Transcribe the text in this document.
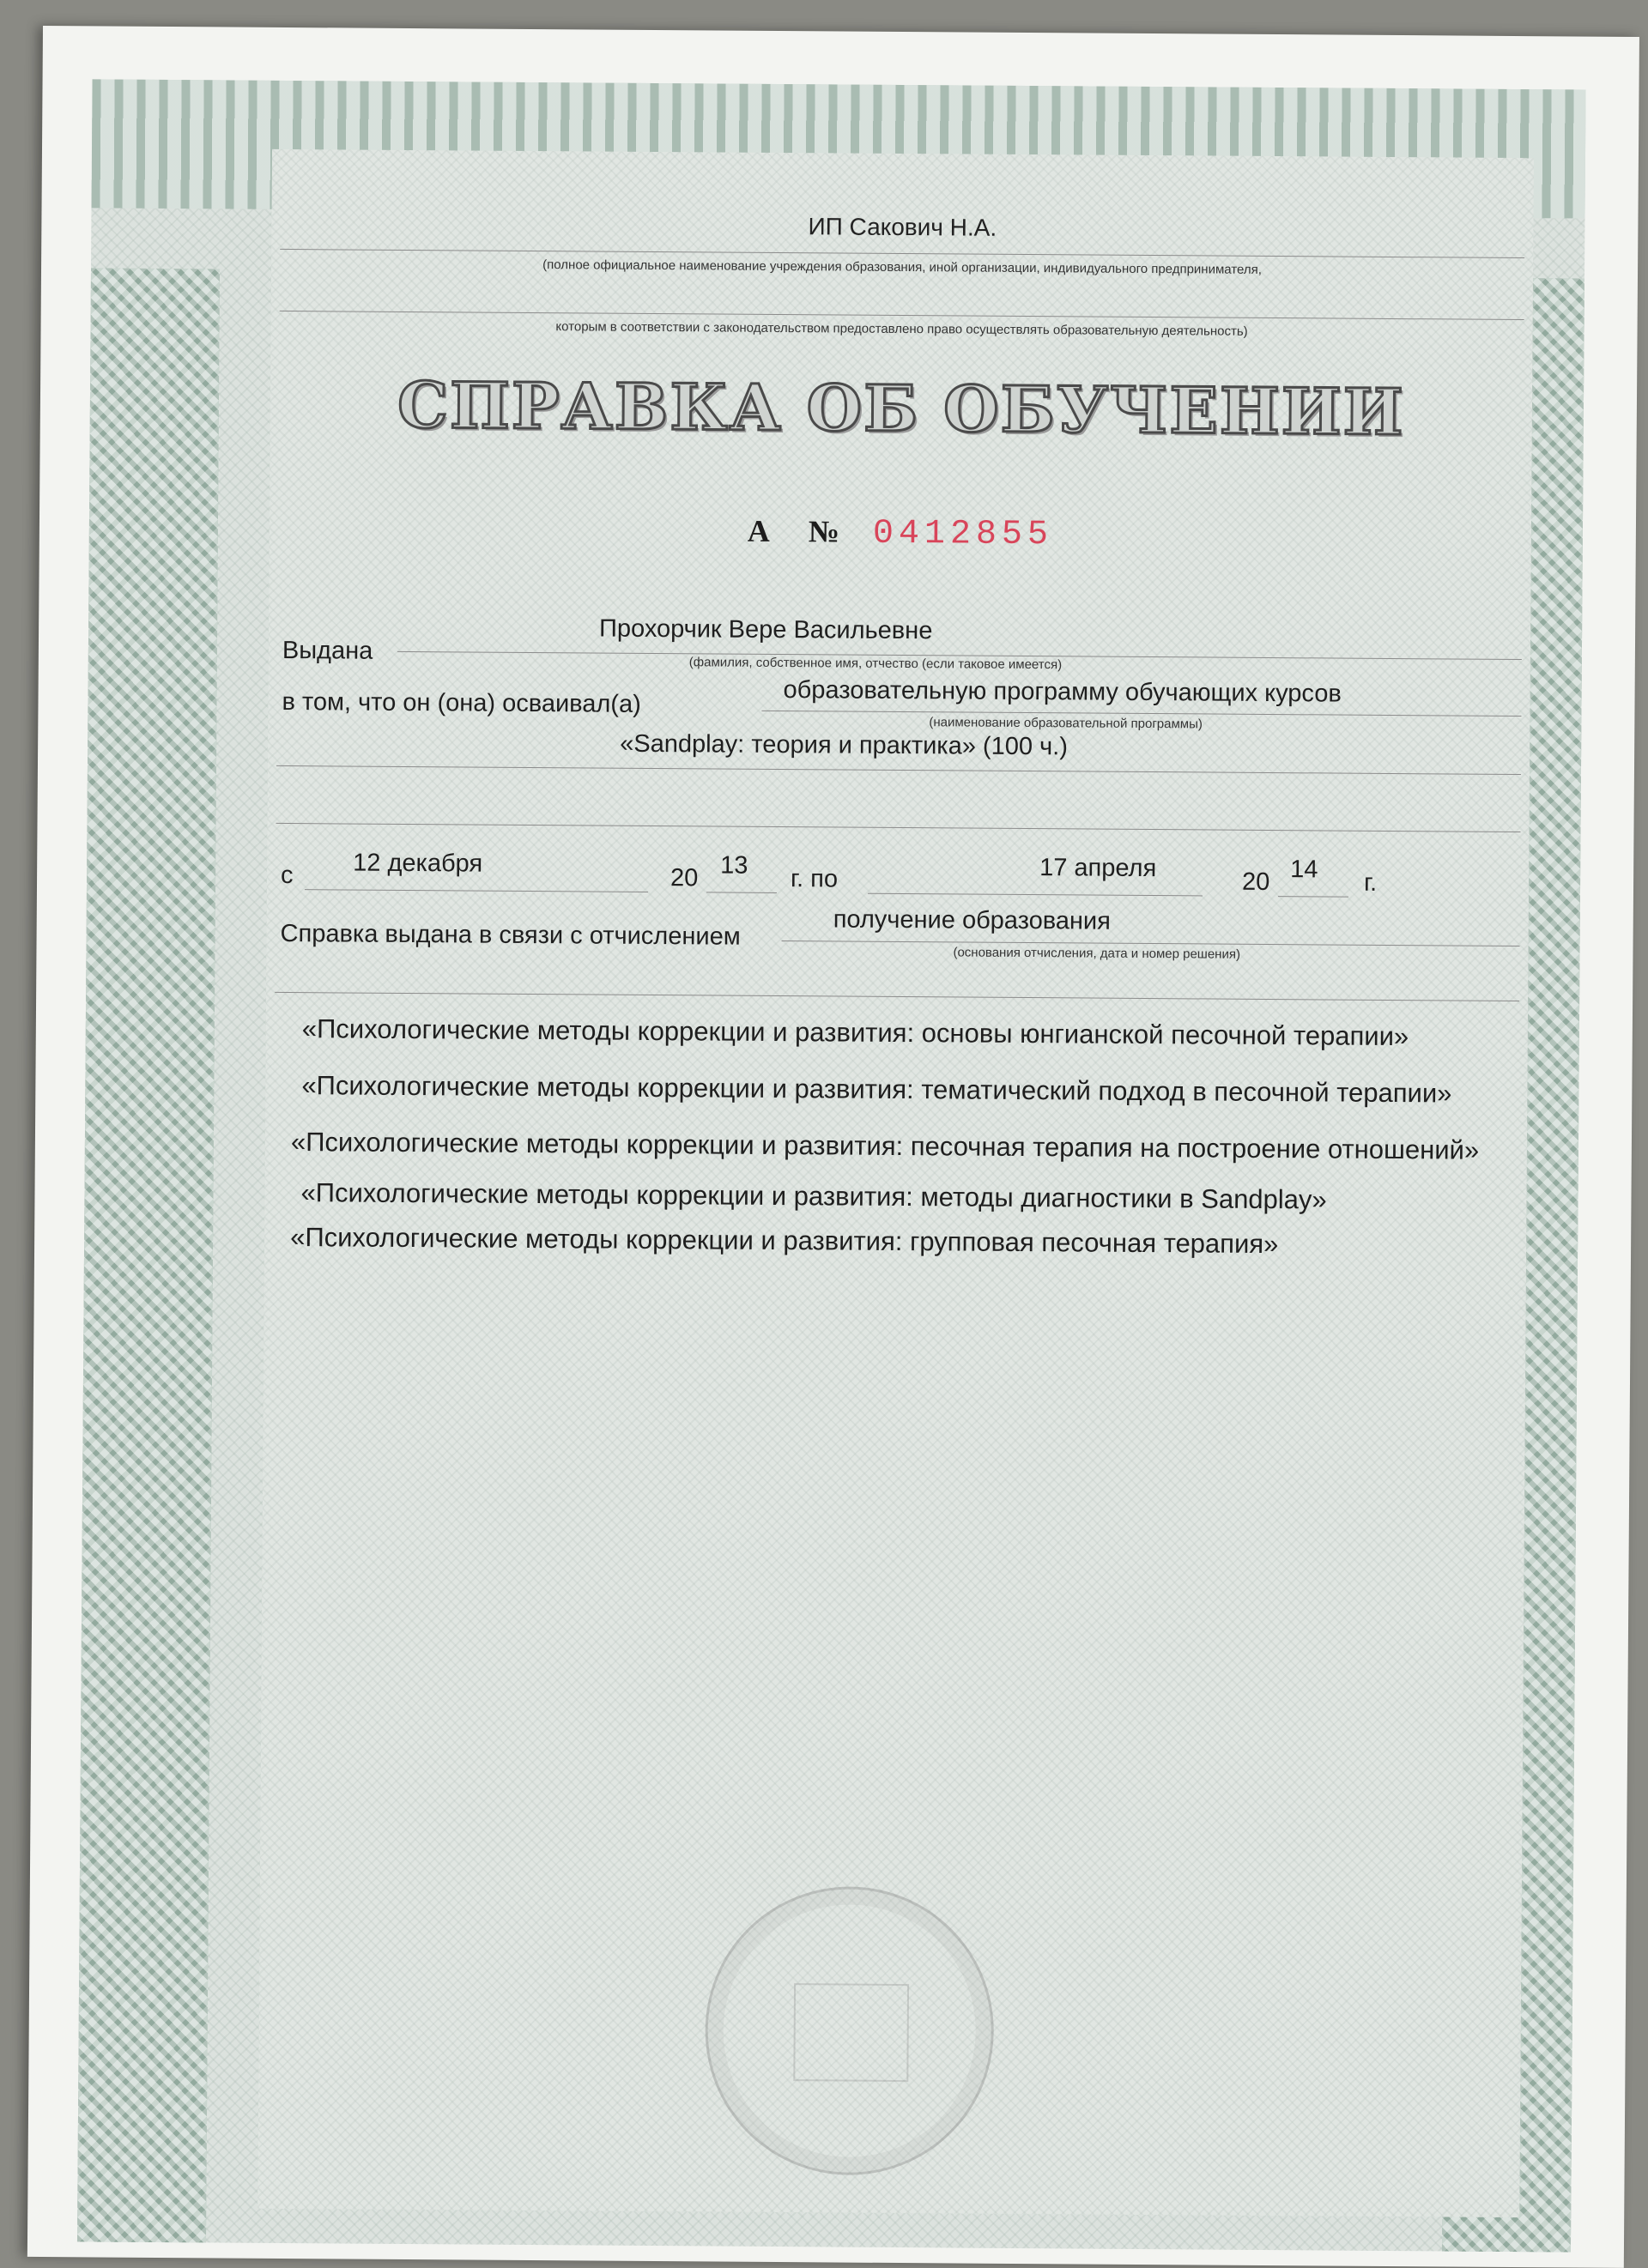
ИП Сакович Н.А.
(полное официальное наименование учреждения образования, иной организации, индивидуального предпринимателя,
которым в соответствии с законодательством предоставлено право осуществлять образовательную деятельность)
СПРАВКА ОБ ОБУЧЕНИИ
А № 0412855
Выдана
Прохорчик Вере Васильевне
(фамилия, собственное имя, отчество (если таковое имеется)
в том, что он (она) осваивал(а)	образовательную программу обучающих курсов
(наименование образовательной программы)
«Sandplay: теория и практика» (100 ч.)
с 12 декабря
20 13 г. по	17 апреля	20 14 г.
Справка выдана в связи с отчислением	получение образования
(основания отчисления, дата и номер решения)

«Психологические методы коррекции и развития: основы юнгианской песочной терапии»

«Психологические методы коррекции и развития: тематический подход в песочной терапии»

«Психологические методы коррекции и развития: песочная терапия на построение отношений»

«Психологические методы коррекции и развития: методы диагностики в Sandplay»

«Психологические методы коррекции и развития: групповая песочная терапия»
